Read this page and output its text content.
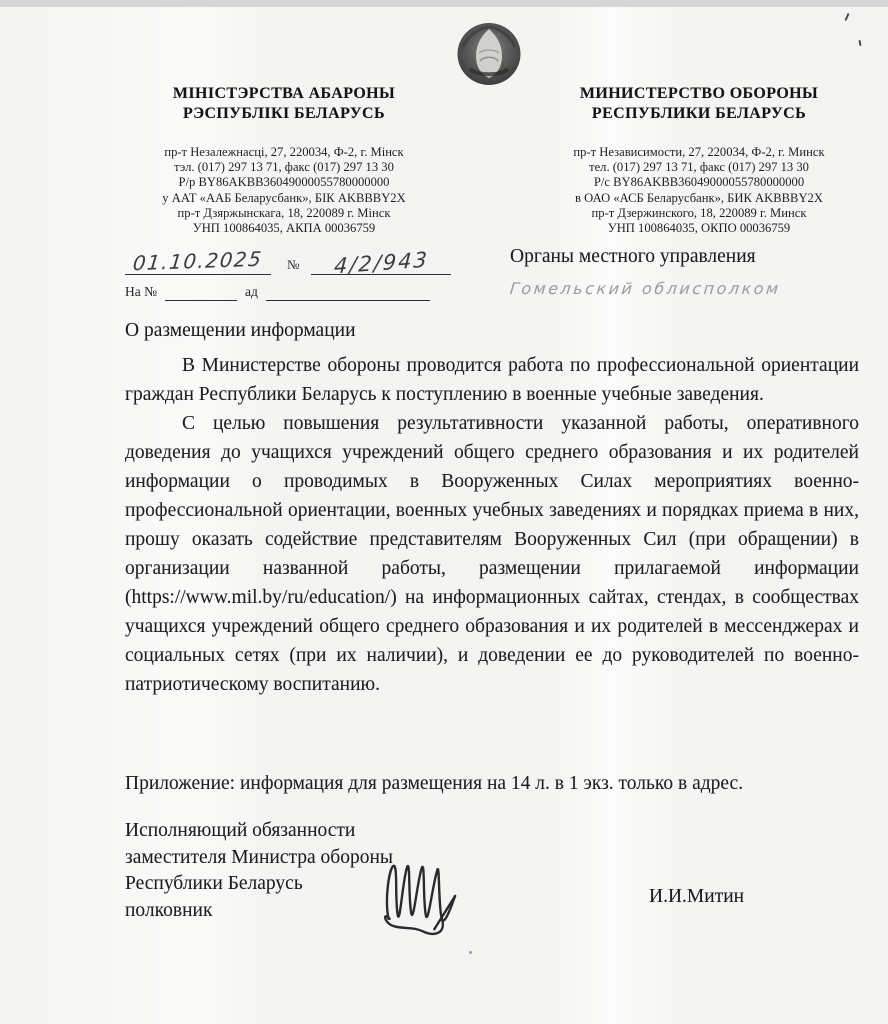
МІНІСТЭРСТВА АБАРОНЫ
РЭСПУБЛІКІ БЕЛАРУСЬ
пр-т Незалежнасці, 27, 220034, Ф-2, г. Мінск
тэл. (017) 297 13 71, факс (017) 297 13 30
Р/р BY86AKBB36049000055780000000
у ААТ «ААБ Беларусбанк», БІК AKBBBY2X
пр-т Дзяржынскага, 18, 220089 г. Мінск
УНП 100864035, АКПА 00036759
МИНИСТЕРСТВО ОБОРОНЫ
РЕСПУБЛИКИ БЕЛАРУСЬ
пр-т Независимости, 27, 220034, Ф-2, г. Минск
тел. (017) 297 13 71, факс (017) 297 13 30
Р/с BY86AKBB36049000055780000000
в ОАО «АСБ Беларусбанк», БИК AKBBBY2X
пр-т Дзержинского, 18, 220089 г. Минск
УНП 100864035, ОКПО 00036759
01.10.2025	№	4/2/943
На №	ад
Органы местного управления
Гомельский облисполком
О размещении информации

В Министерстве обороны проводится работа по профессиональной ориентации граждан Республики Беларусь к поступлению в военные учебные заведения.

С целью повышения результативности указанной работы, оперативного доведения до учащихся учреждений общего среднего образования и их родителей информации о проводимых в Вооруженных Силах мероприятиях военно-профессиональной ориентации, военных учебных заведениях и порядках приема в них, прошу оказать содействие представителям Вооруженных Сил (при обращении) в организации названной работы, размещении прилагаемой информации (https://www.mil.by/ru/education/) на информационных сайтах, стендах, в сообществах учащихся учреждений общего среднего образования и их родителей в мессенджерах и социальных сетях (при их наличии), и доведении ее до руководителей по военно-патриотическому воспитанию.

Приложение: информация для размещения на 14 л. в 1 экз. только в адрес.
Исполняющий обязанности
заместителя Министра обороны
Республики Беларусь
полковник
И.И.Митин
